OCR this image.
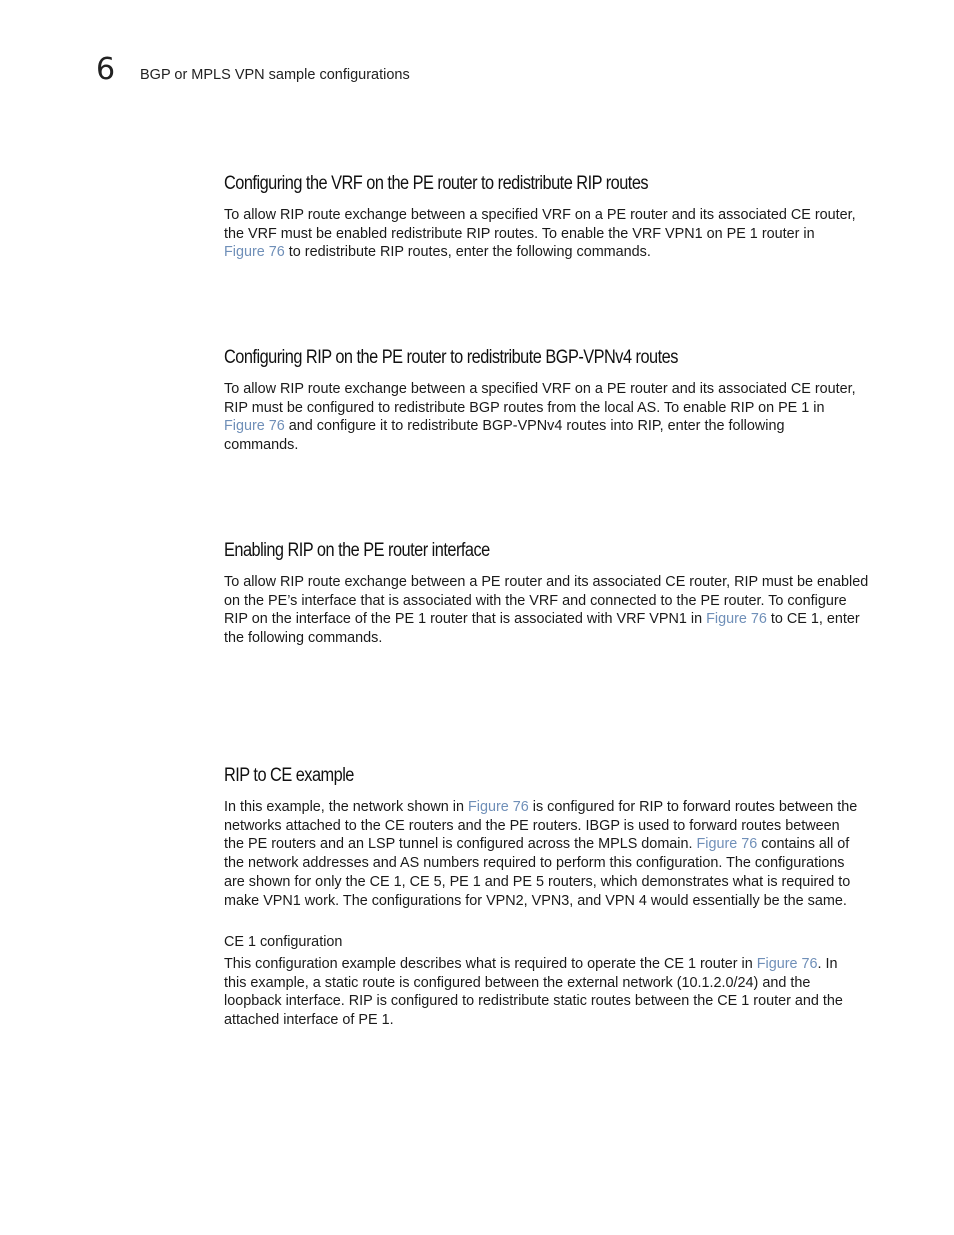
6 BGP or MPLS VPN sample configurations
Configuring the VRF on the PE router to redistribute RIP routes

To allow RIP route exchange between a specified VRF on a PE router and its associated CE router,
the VRF must be enabled redistribute RIP routes. To enable the VRF VPN1 on PE 1 router in
Figure 76 to redistribute RIP routes, enter the following commands.

Configuring RIP on the PE router to redistribute BGP-VPNv4 routes

To allow RIP route exchange between a specified VRF on a PE router and its associated CE router,
RIP must be configured to redistribute BGP routes from the local AS. To enable RIP on PE 1 in
Figure 76 and configure it to redistribute BGP-VPNv4 routes into RIP, enter the following
commands.

Enabling RIP on the PE router interface

To allow RIP route exchange between a PE router and its associated CE router, RIP must be enabled
on the PE’s interface that is associated with the VRF and connected to the PE router. To configure
RIP on the interface of the PE 1 router that is associated with VRF VPN1 in Figure 76 to CE 1, enter
the following commands.

RIP to CE example

In this example, the network shown in Figure 76 is configured for RIP to forward routes between the
networks attached to the CE routers and the PE routers. IBGP is used to forward routes between
the PE routers and an LSP tunnel is configured across the MPLS domain. Figure 76 contains all of
the network addresses and AS numbers required to perform this configuration. The configurations
are shown for only the CE 1, CE 5, PE 1 and PE 5 routers, which demonstrates what is required to
make VPN1 work. The configurations for VPN2, VPN3, and VPN 4 would essentially be the same.

CE 1 configuration

This configuration example describes what is required to operate the CE 1 router in Figure 76. In
this example, a static route is configured between the external network (10.1.2.0/24) and the
loopback interface. RIP is configured to redistribute static routes between the CE 1 router and the
attached interface of PE 1.
